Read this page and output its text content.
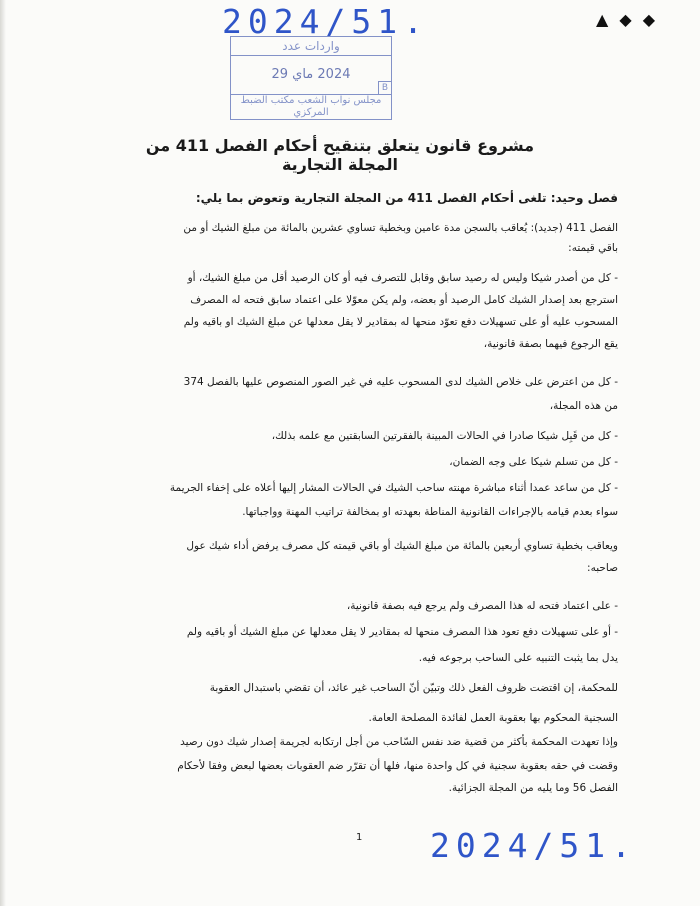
2024/51.	▲ ◆ ◆
واردات عدد
2024 ماي 29
مجلس نواب الشعب مكتب الضبط المركزي
B
مشروع قانون يتعلق بتنقيح أحكام الفصل 411 من المجلة التجارية
فصل وحيد: تلغى أحكام الفصل 411 من المجلة التجارية وتعوض بما يلي:
الفصل 411 (جديد): يُعاقب بالسجن مدة عامين وبخطية تساوي عشرين بالمائة من مبلغ الشيك أو من
باقي قيمته:
- كل من أصدر شيكا وليس له رصيد سابق وقابل للتصرف فيه أو كان الرصيد أقل من مبلغ الشيك، أو
استرجع بعد إصدار الشيك كامل الرصيد أو بعضه، ولم يكن معوّلا على اعتماد سابق فتحه له المصرف
المسحوب عليه أو على تسهيلات دفع تعوّد منحها له بمقادير لا يقل معدلها عن مبلغ الشيك او باقيه ولم
يقع الرجوع فيهما بصفة قانونية،
- كل من اعترض على خلاص الشيك لدى المسحوب عليه في غير الصور المنصوص عليها بالفصل 374
من هذه المجلة،
- كل من قَبِل شيكا صادرا في الحالات المبينة بالفقرتين السابقتين مع علمه بذلك،
- كل من تسلم شيكا على وجه الضمان،
- كل من ساعد عمدا أثناء مباشرة مهنته ساحب الشيك في الحالات المشار إليها أعلاه على إخفاء الجريمة
سواء بعدم قيامه بالإجراءات القانونية المناطة بعهدته او بمخالفة تراتيب المهنة وواجباتها.
ويعاقب بخطية تساوي أربعين بالمائة من مبلغ الشيك أو باقي قيمته كل مصرف يرفض أداء شيك عول
صاحبه:
- على اعتماد فتحه له هذا المصرف ولم يرجع فيه بصفة قانونية،
- أو على تسهيلات دفع تعود هذا المصرف منحها له بمقادير لا يقل معدلها عن مبلغ الشيك أو باقيه ولم
يدل بما يثبت التنبيه على الساحب برجوعه فيه.
للمحكمة، إن اقتضت ظروف الفعل ذلك وتبيّن أنّ الساحب غير عائد، أن تقضي باستبدال العقوبة
السجنية المحكوم بها بعقوبة العمل لفائدة المصلحة العامة.
وإذا تعهدت المحكمة بأكثر من قضية ضد نفس السّاحب من أجل ارتكابه لجريمة إصدار شيك دون رصيد
وقضت في حقه بعقوبة سجنية في كل واحدة منها، فلها أن تقرّر ضم العقوبات بعضها لبعض وفقا لأحكام
الفصل 56 وما يليه من المجلة الجزائية.
1 2024/51.
